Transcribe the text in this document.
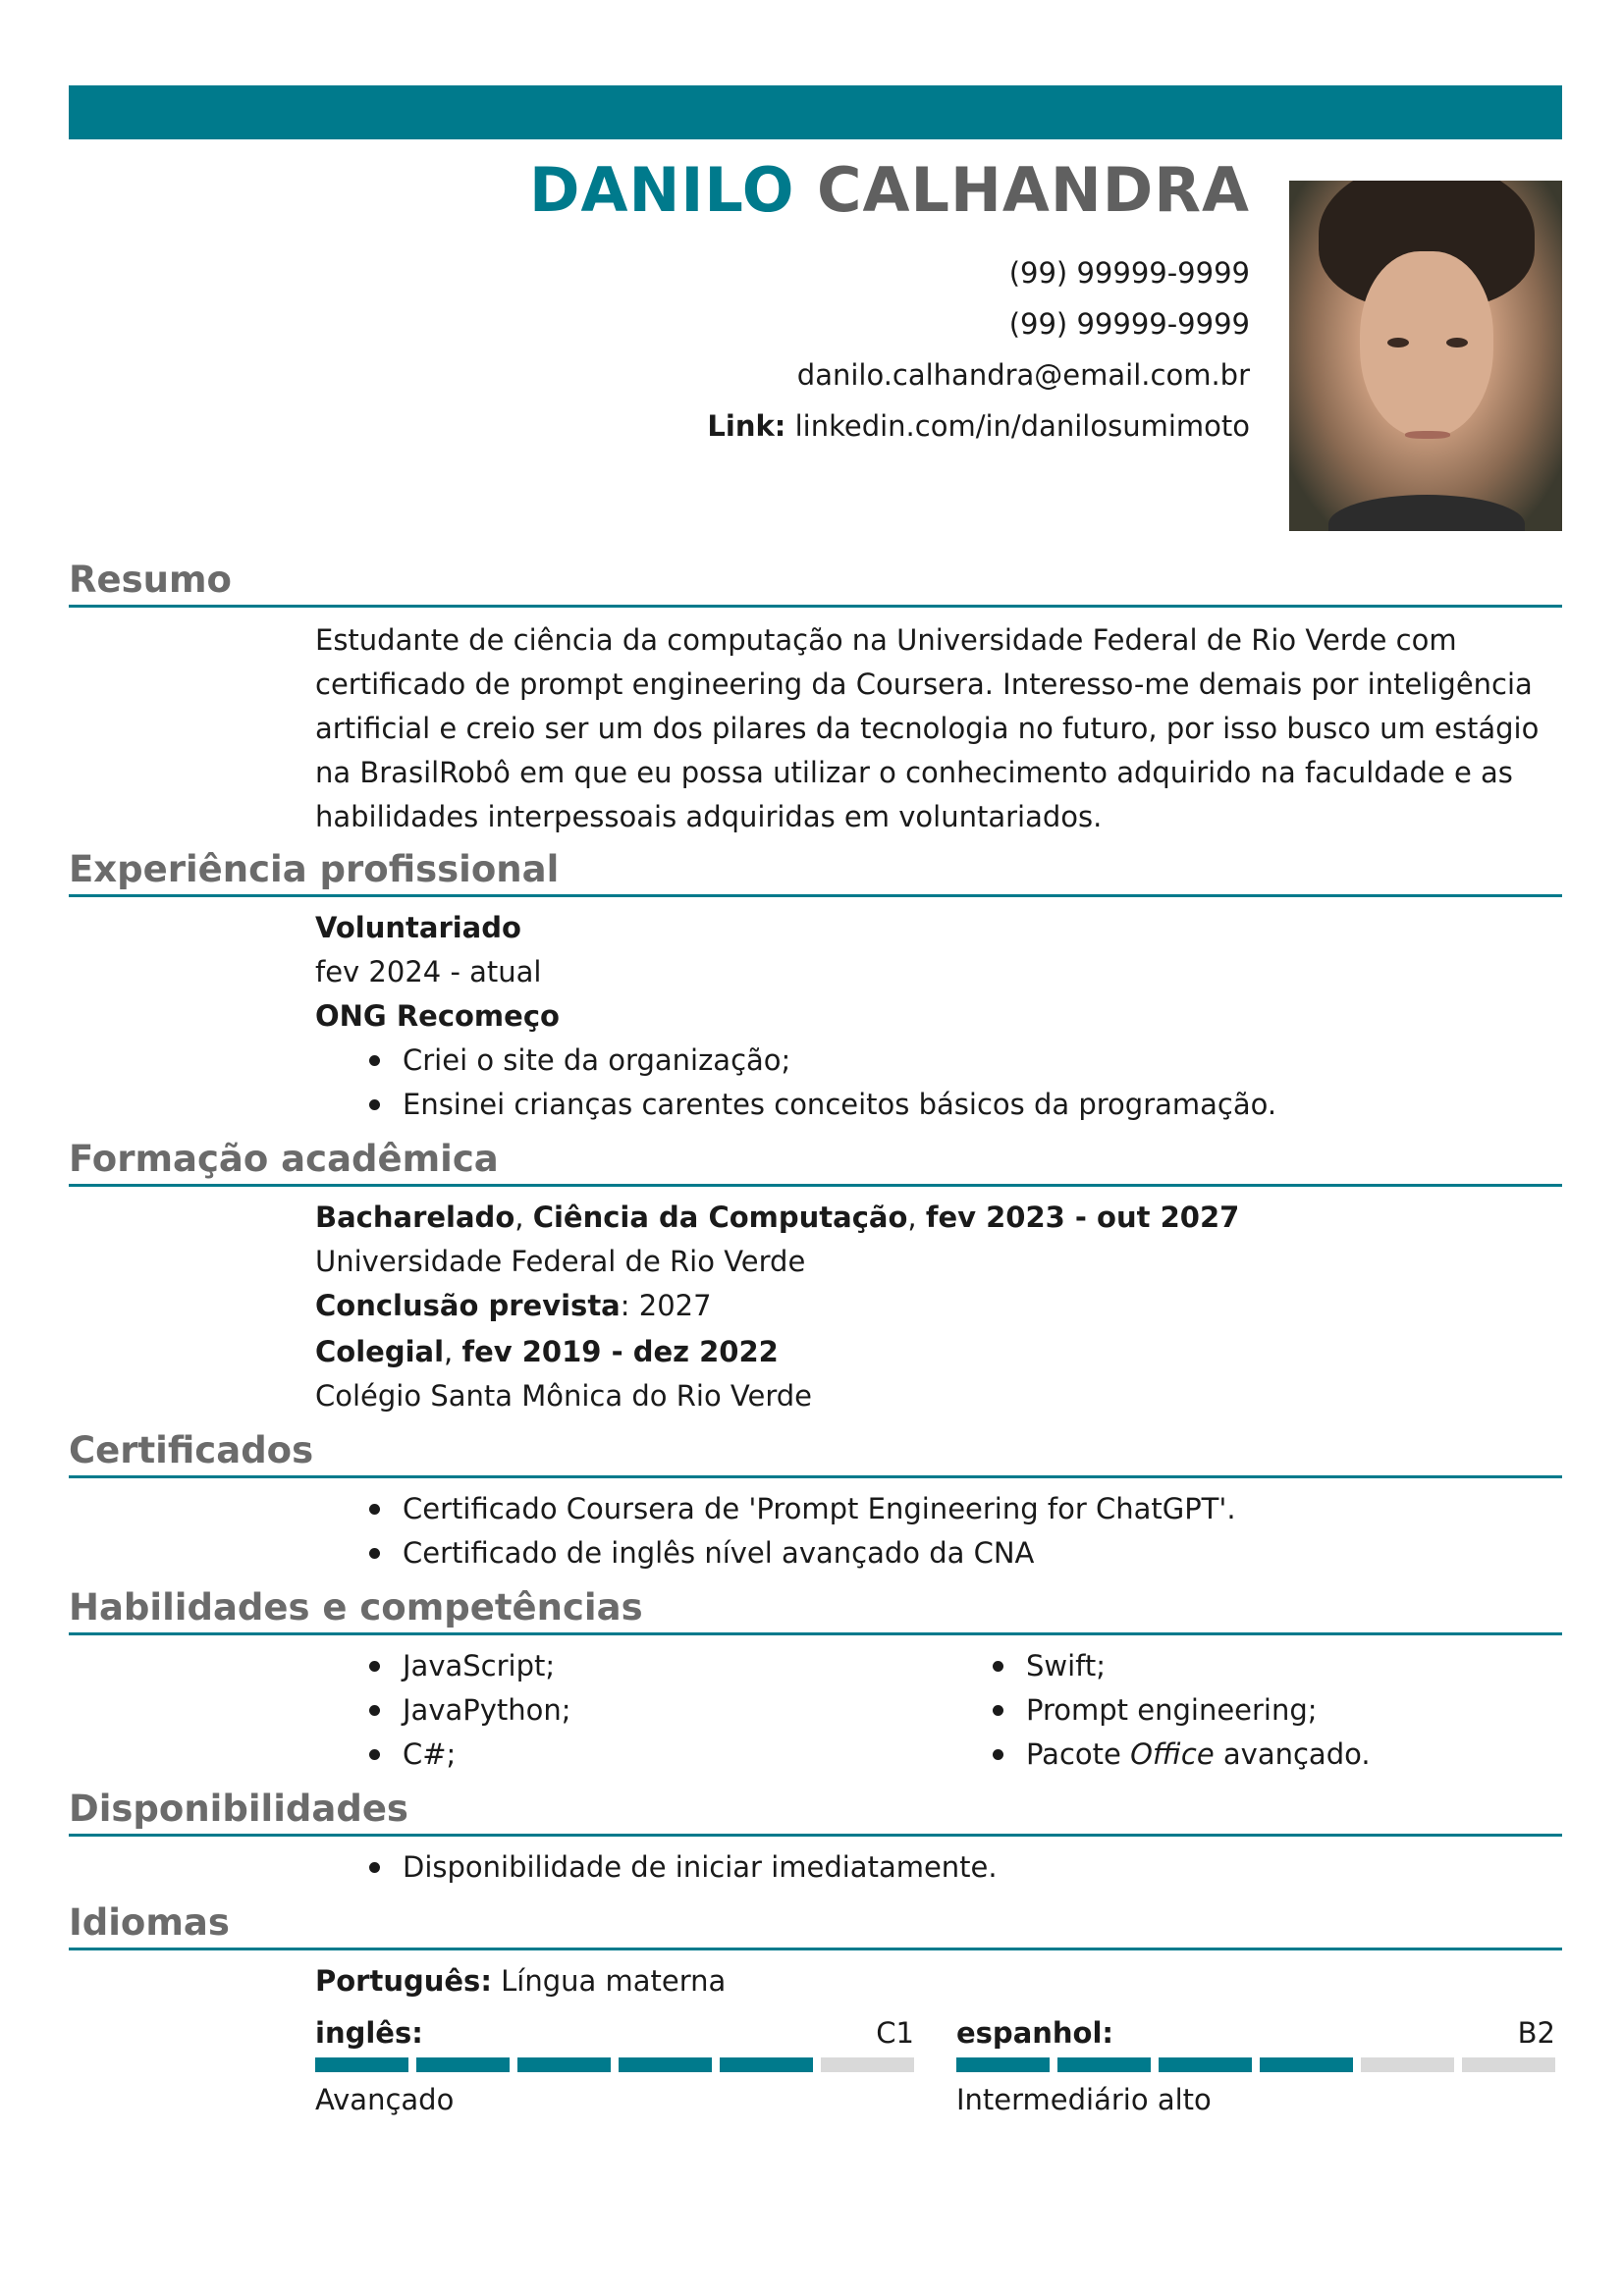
DANILO CALHANDRA
(99) 99999-9999
(99) 99999-9999
danilo.calhandra@email.com.br
Link: linkedin.com/in/danilosumimoto
Resumo
Estudante de ciência da computação na Universidade Federal de Rio Verde com certificado de prompt engineering da Coursera. Interesso-me demais por inteligência artificial e creio ser um dos pilares da tecnologia no futuro, por isso busco um estágio na BrasilRobô em que eu possa utilizar o conhecimento adquirido na faculdade e as habilidades interpessoais adquiridas em voluntariados.
Experiência profissional
Voluntariado
fev 2024 - atual
ONG Recomeço
Criei o site da organização;
Ensinei crianças carentes conceitos básicos da programação.
Formação acadêmica
Bacharelado, Ciência da Computação, fev 2023 - out 2027
Universidade Federal de Rio Verde
Conclusão prevista: 2027
Colegial, fev 2019 - dez 2022
Colégio Santa Mônica do Rio Verde
Certificados
Certificado Coursera de 'Prompt Engineering for ChatGPT'.
Certificado de inglês nível avançado da CNA
Habilidades e competências
JavaScript;
JavaPython;
C#;
Swift;
Prompt engineering;
Pacote Office avançado.
Disponibilidades
Disponibilidade de iniciar imediatamente.
Idiomas
Português: Língua materna
inglês:	C1
Avançado
espanhol:	B2
Intermediário alto
